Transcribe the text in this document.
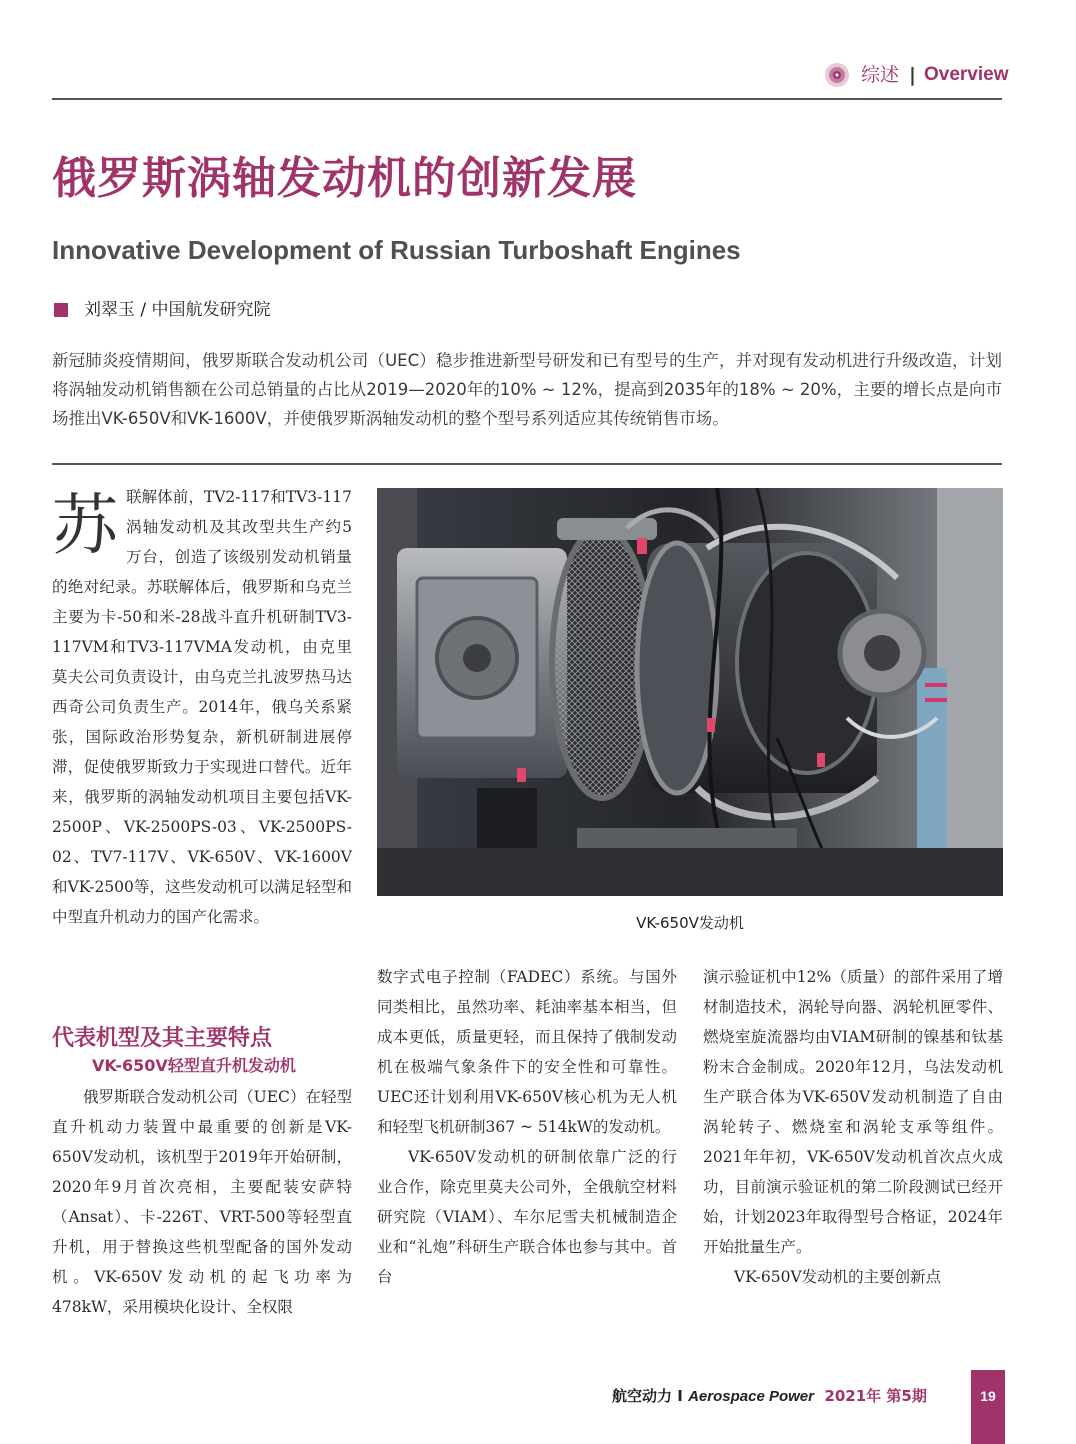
综述 | Overview
俄罗斯涡轴发动机的创新发展
Innovative Development of Russian Turboshaft Engines
刘翠玉 / 中国航发研究院
新冠肺炎疫情期间，俄罗斯联合发动机公司（UEC）稳步推进新型号研发和已有型号的生产，并对现有发动机进行升级改造，计划将涡轴发动机销售额在公司总销量的占比从2019—2020年的10% ~ 12%，提高到2035年的18% ~ 20%，主要的增长点是向市场推出VK-650V和VK-1600V，并使俄罗斯涡轴发动机的整个型号系列适应其传统销售市场。
苏 联解体前，TV2-117和TV3-117涡轴发动机及其改型共生产约5万台，创造了该级别发动机销量的绝对纪录。苏联解体后，俄罗斯和乌克兰主要为卡-50和米-28战斗直升机研制TV3-117VM和TV3-117VMA发动机，由克里莫夫公司负责设计，由乌克兰扎波罗热马达西奇公司负责生产。2014年，俄乌关系紧张，国际政治形势复杂，新机研制进展停滞，促使俄罗斯致力于实现进口替代。近年来，俄罗斯的涡轴发动机项目主要包括VK-2500P、VK-2500PS-03、VK-2500PS-02、TV7-117V、VK-650V、VK-1600V和VK-2500等，这些发动机可以满足轻型和中型直升机动力的国产化需求。

代表机型及其主要特点
VK-650V轻型直升机发动机

俄罗斯联合发动机公司（UEC）在轻型直升机动力装置中最重要的创新是VK-650V发动机，该机型于2019年开始研制，2020年9月首次亮相，主要配装安萨特（Ansat）、卡-226T、VRT-500等轻型直升机，用于替换这些机型配备的国外发动机。VK-650V发动机的起飞功率为478kW，采用模块化设计、全权限

数字式电子控制（FADEC）系统。与国外同类相比，虽然功率、耗油率基本相当，但成本更低，质量更轻，而且保持了俄制发动机在极端气象条件下的安全性和可靠性。UEC还计划利用VK-650V核心机为无人机和轻型飞机研制367 ~ 514kW的发动机。

VK-650V发动机的研制依靠广泛的行业合作，除克里莫夫公司外，全俄航空材料研究院（VIAM）、车尔尼雪夫机械制造企业和“礼炮”科研生产联合体也参与其中。首台

演示验证机中12%（质量）的部件采用了增材制造技术，涡轮导向器、涡轮机匣零件、燃烧室旋流器均由VIAM研制的镍基和钛基粉末合金制成。2020年12月，乌法发动机生产联合体为VK-650V发动机制造了自由涡轮转子、燃烧室和涡轮支承等组件。2021年年初，VK-650V发动机首次点火成功，目前演示验证机的第二阶段测试已经开始，计划2023年取得型号合格证，2024年开始批量生产。

VK-650V发动机的主要创新点

VK-650V发动机
航空动力 I Aerospace Power 2021年 第5期	19
